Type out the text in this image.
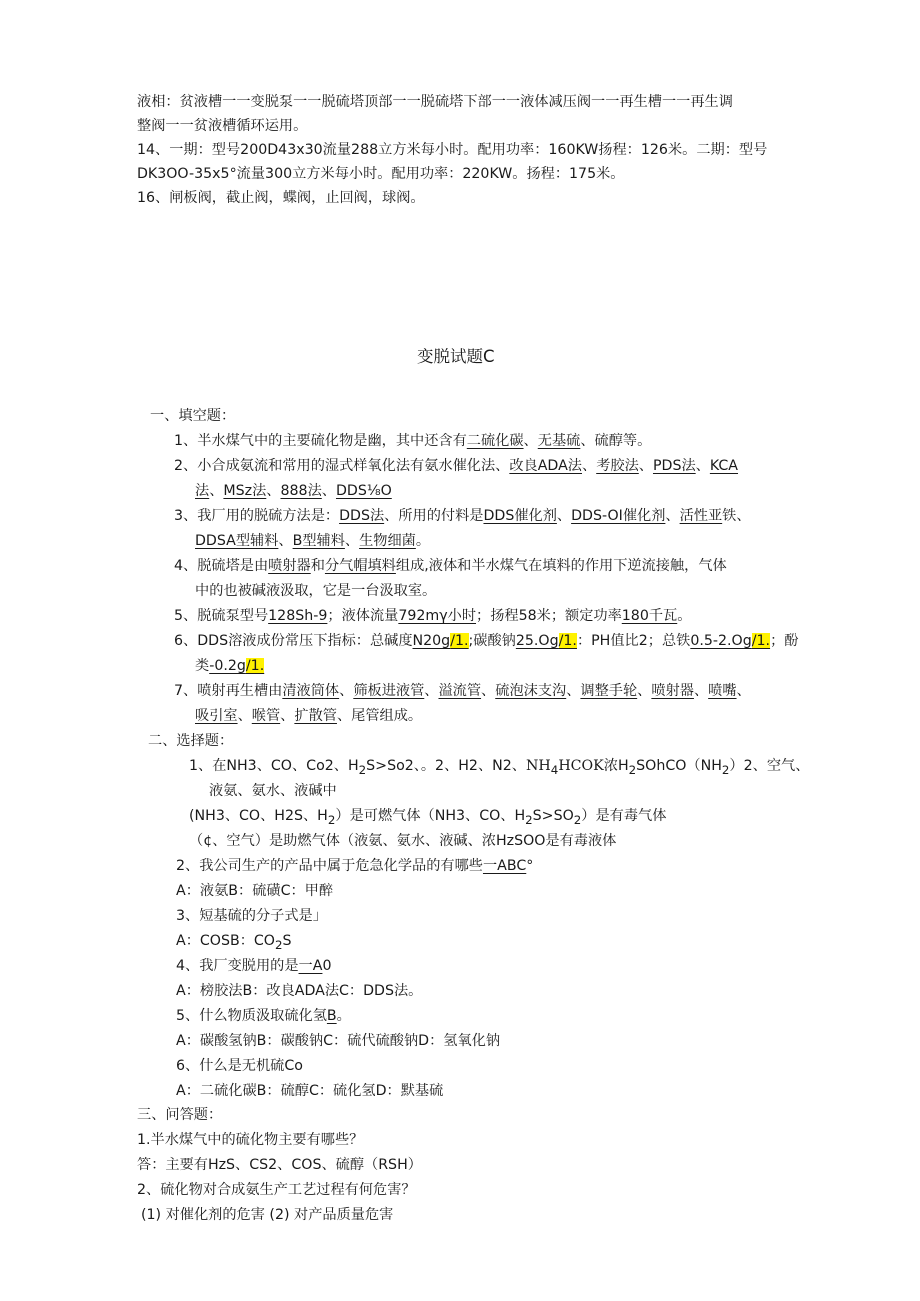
液相：贫液槽一一变脱泵一一脱硫塔顶部一一脱硫塔下部一一液体减压阀一一再生槽一一再生调
整阀一一贫液槽循环运用。
14、一期：型号200D43x30流量288立方米每小时。配用功率：160KW扬程：126米。二期：型号
DK3OO-35x5°流量300立方米每小时。配用功率：220KW。扬程：175米。
16、闸板阀，截止阀，蝶阀，止回阀，球阀。
变脱试题C
一、填空题：
1、半水煤气中的主要硫化物是幽，其中还含有二硫化碳、无基硫、硫醇等。
2、小合成氨流和常用的湿式样氧化法有氨水催化法、改良ADA法、考胶法、PDS法、KCA
法、MSz法、888法、DDS⅛O
3、我厂用的脱硫方法是：DDS法、所用的付料是DDS催化剂、DDS-OI催化剂、活性亚铁、
DDSA型辅料、B型辅料、生物细菌。
4、脱硫塔是由喷射器和分气帽填料组成,液体和半水煤气在填料的作用下逆流接触，气体
中的也被碱液汲取，它是一台汲取室。
5、脱硫泵型号128Sh-9；液体流量792mγ小时；扬程58米；额定功率180千瓦。
6、DDS溶液成份常压下指标：总碱度N20g/1.;碳酸钠25.Og/1.：PH值比2；总铁0.5-2.Og/1.；酚
类-0.2g/1.
7、喷射再生槽由清液筒体、筛板进液管、溢流管、硫泡沫支沟、调整手轮、喷射器、喷嘴、
吸引室、喉管、扩散管、尾管组成。
二、选择题：
1、在NH3、CO、Co2、$H_2S>So2$、。2、H2、N2、$NH_4HCOK$浓$H_2SOhCO(NH_2)2$、空气、
液氨、氨水、液碱中
(NH3、CO、H2S、$H_2$）是可燃气体（NH3、CO、$H_2S>SO_2$）是有毒气体
（¢、空气）是助燃气体（液氨、氨水、液碱、浓HzSOO是有毒液体
2、我公司生产的产品中属于危急化学品的有哪些一ABC°
A：液氨B：硫磺C：甲醉
3、短基硫的分子式是」
A：COSB：$CO_2S$
4、我厂变脱用的是一A0
A：榜胶法B：改良ADA法C：DDS法。
5、什么物质汲取硫化氢B。
A：碳酸氢钠B：碳酸钠C：硫代硫酸钠D：氢氧化钠
6、什么是无机硫Co
A：二硫化碳B：硫醇C：硫化氢D：默基硫
三、问答题：
1.半水煤气中的硫化物主要有哪些？
答：主要有HzS、CS2、COS、硫醇（RSH）
2、硫化物对合成氨生产工艺过程有何危害？
(1) 对催化剂的危害 (2) 对产品质量危害
